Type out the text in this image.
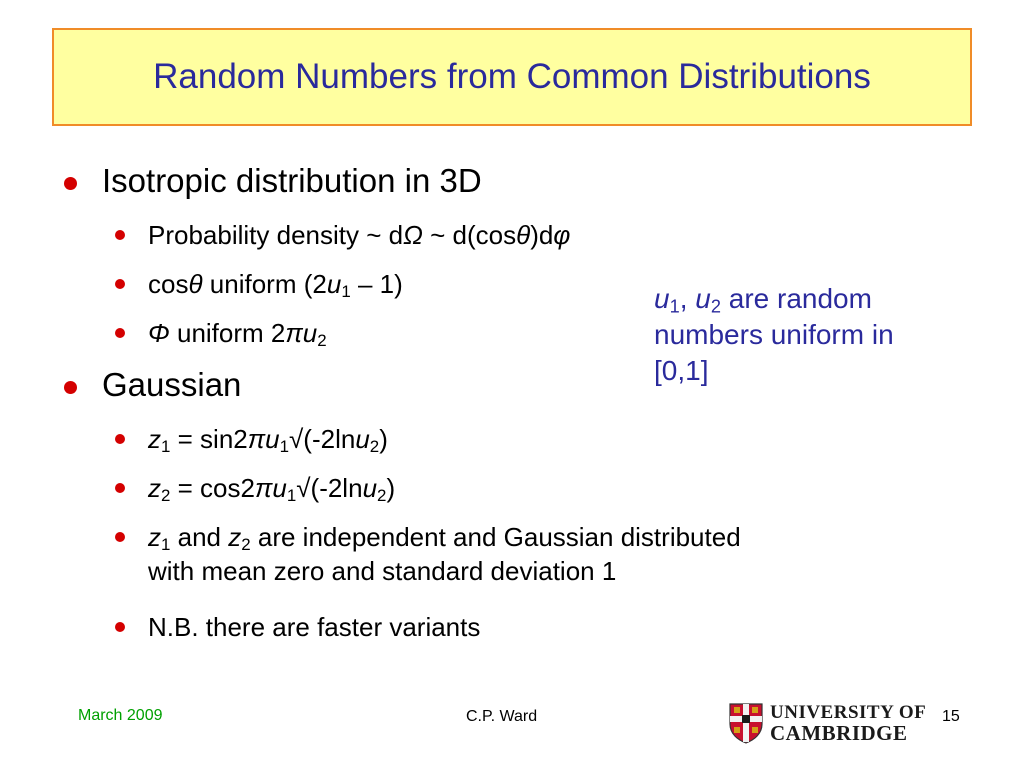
Random Numbers from Common Distributions
Isotropic distribution in 3D
Probability density ~ dΩ ~ d(cosθ)dφ
cosθ uniform $(2u_1 - 1)$
Φ uniform $2\pi u_2$
Gaussian
$z_1 = \sin 2\pi u_1√(-2\ln u_2)$
$z_2 = \cos 2\pi u_1√(-2\ln u_2)$
$z_1$ and $z_2$ are independent and Gaussian distributed
with mean zero and standard deviation 1
N.B. there are faster variants
$u_1$, $u_2$ are random
numbers uniform in
[0,1]
March 2009	C.P. Ward	UNIVERSITY OF
CAMBRIDGE
15
